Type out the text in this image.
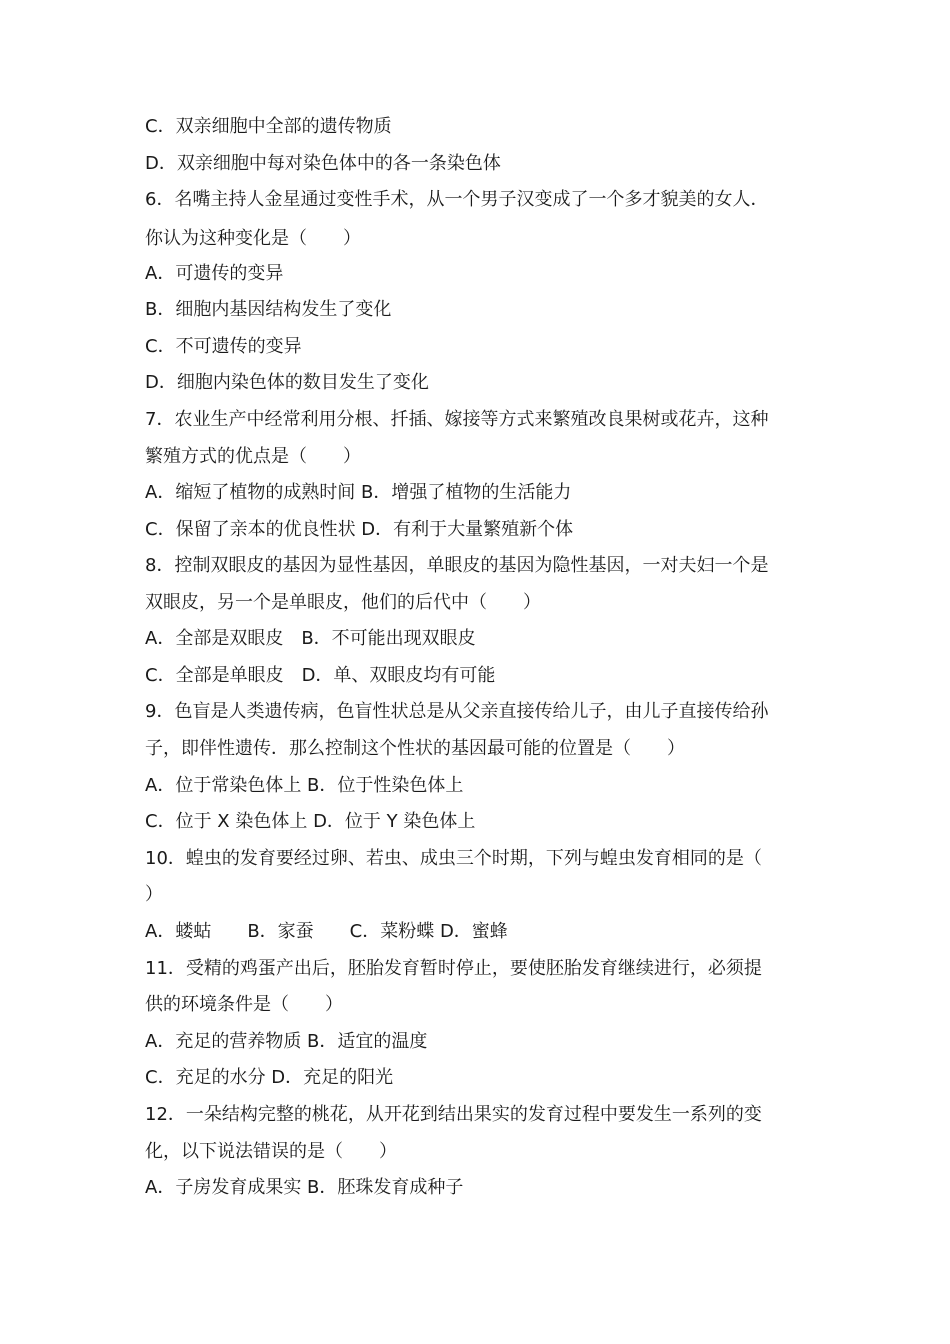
C．双亲细胞中全部的遗传物质
D．双亲细胞中每对染色体中的各一条染色体
6．名嘴主持人金星通过变性手术，从一个男子汉变成了一个多才貌美的女人．
你认为这种变化是（　　）
A．可遗传的变异
B．细胞内基因结构发生了变化
C．不可遗传的变异
D．细胞内染色体的数目发生了变化
7．农业生产中经常利用分根、扦插、嫁接等方式来繁殖改良果树或花卉，这种
繁殖方式的优点是（　　）
A．缩短了植物的成熟时间 B．增强了植物的生活能力
C．保留了亲本的优良性状 D．有利于大量繁殖新个体
8．控制双眼皮的基因为显性基因，单眼皮的基因为隐性基因，一对夫妇一个是
双眼皮，另一个是单眼皮，他们的后代中（　　）
A．全部是双眼皮　B．不可能出现双眼皮
C．全部是单眼皮　D．单、双眼皮均有可能
9．色盲是人类遗传病，色盲性状总是从父亲直接传给儿子，由儿子直接传给孙
子，即伴性遗传．那么控制这个性状的基因最可能的位置是（　　）
A．位于常染色体上 B．位于性染色体上
C．位于 X 染色体上 D．位于 Y 染色体上
10．蝗虫的发育要经过卵、若虫、成虫三个时期，下列与蝗虫发育相同的是（
）
A．蝼蛄　　B．家蚕　　C．菜粉蝶 D．蜜蜂
11．受精的鸡蛋产出后，胚胎发育暂时停止，要使胚胎发育继续进行，必须提
供的环境条件是（　　）
A．充足的营养物质 B．适宜的温度
C．充足的水分 D．充足的阳光
12．一朵结构完整的桃花，从开花到结出果实的发育过程中要发生一系列的变
化，以下说法错误的是（　　）
A．子房发育成果实 B．胚珠发育成种子
